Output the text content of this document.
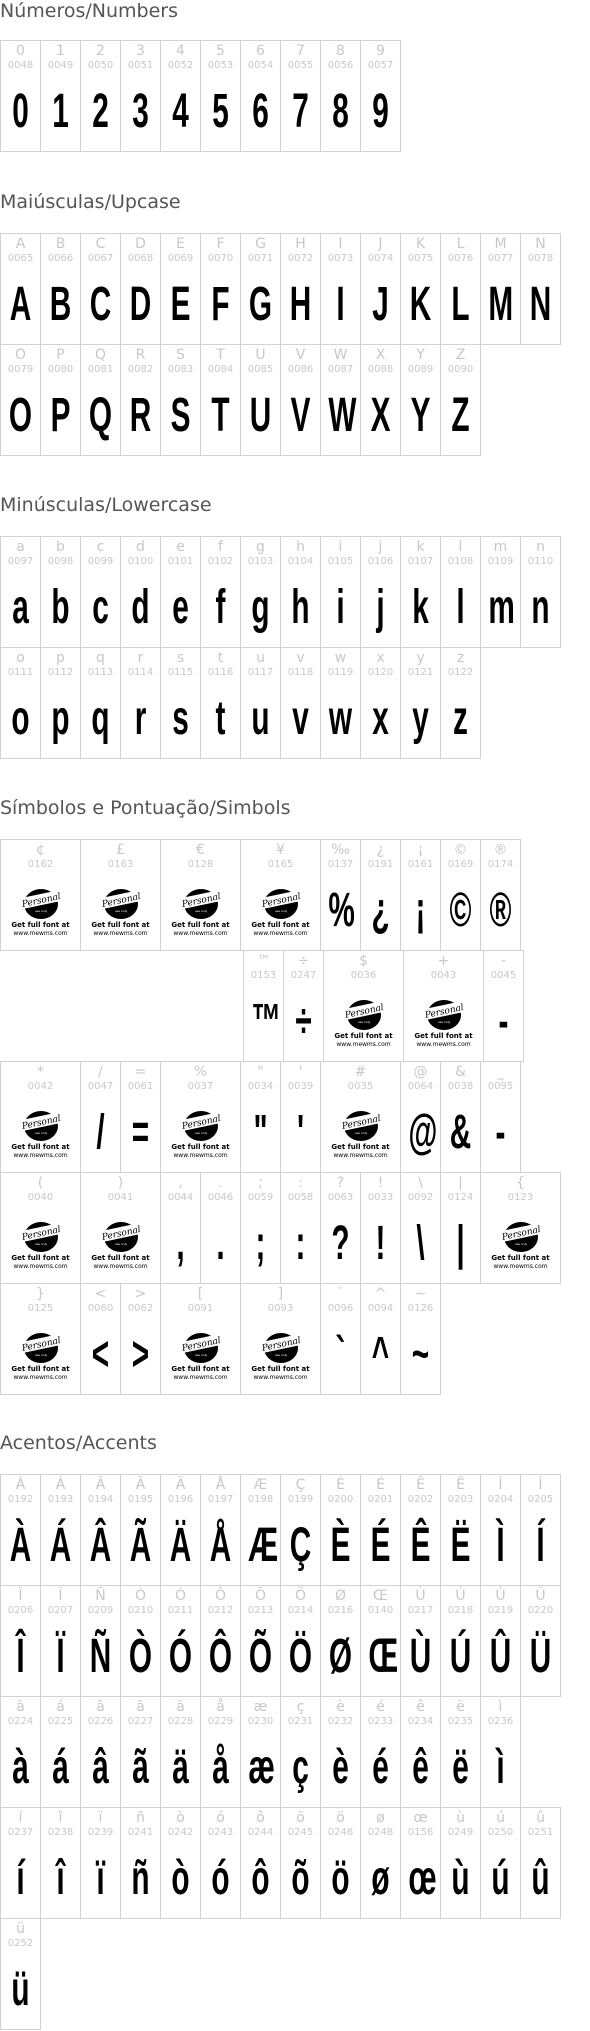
Números/Numbers
0
0048
0
1
0049
1
2
0050
2
3
0051
3
4
0052
4
5
0053
5
6
0054
6
7
0055
7
8
0056
8
9
0057
9
Maiúsculas/Upcase
A
0065
A
B
0066
B
C
0067
C
D
0068
D
E
0069
E
F
0070
F
G
0071
G
H
0072
H
I
0073
I
J
0074
J
K
0075
K
L
0076
L
M
0077
M
N
0078
N
O
0079
O
P
0080
P
Q
0081
Q
R
0082
R
S
0083
S
T
0084
T
U
0085
U
V
0086
V
W
0087
W
X
0088
X
Y
0089
Y
Z
0090
Z
Minúsculas/Lowercase
a
0097
a
b
0098
b
c
0099
c
d
0100
d
e
0101
e
f
0102
f
g
0103
g
h
0104
h
i
0105
i
j
0106
j
k
0107
k
l
0108
l
m
0109
m
n
0110
n
o
0111
o
p
0112
p
q
0113
q
r
0114
r
s
0115
s
t
0116
t
u
0117
u
v
0118
v
w
0119
w
x
0120
x
y
0121
y
z
0122
z
Símbolos e Pontuação/Simbols
¢
0162
Personal
use only
Get full font at
www.mewms.com
£
0163
Personal
use only
Get full font at
www.mewms.com
€
0128
Personal
use only
Get full font at
www.mewms.com
¥
0165
Personal
use only
Get full font at
www.mewms.com
‰
0137
%
¿
0191
¿
¡
0161
¡
©
0169
©
®
0174
®
™
0153
™
÷
0247
÷
$
0036
Personal
use only
Get full font at
www.mewms.com
+
0043
Personal
use only
Get full font at
www.mewms.com
-
0045
-
*
0042
Personal
use only
Get full font at
www.mewms.com
/
0047
/
=
0061
=
%
0037
Personal
use only
Get full font at
www.mewms.com
"
0034
"
'
0039
'
#
0035
Personal
use only
Get full font at
www.mewms.com
@
0064
@
&
0038
&
_
0095
-
(
0040
Personal
use only
Get full font at
www.mewms.com
)
0041
Personal
use only
Get full font at
www.mewms.com
,
0044
,
.
0046
.
;
0059
;
:
0058
:
?
0063
?
!
0033
!
\
0092
\
|
0124
|
{
0123
Personal
use only
Get full font at
www.mewms.com
}
0125
Personal
use only
Get full font at
www.mewms.com
<
0060
<
>
0062
>
[
0091
Personal
use only
Get full font at
www.mewms.com
]
0093
Personal
use only
Get full font at
www.mewms.com
`
0096
`
^
0094
^
~
0126
~
Acentos/Accents
À
0192
À
Á
0193
Á
Â
0194
Â
Ã
0195
Ã
Ä
0196
Ä
Å
0197
Å
Æ
0198
Æ
Ç
0199
Ç
È
0200
È
É
0201
É
Ê
0202
Ê
Ë
0203
Ë
Ì
0204
Ì
Í
0205
Í
Î
0206
Î
Ï
0207
Ï
Ñ
0209
Ñ
Ò
0210
Ò
Ó
0211
Ó
Ô
0212
Ô
Õ
0213
Õ
Ö
0214
Ö
Ø
0216
Ø
Œ
0140
Œ
Ù
0217
Ù
Ú
0218
Ú
Û
0219
Û
Ü
0220
Ü
à
0224
à
á
0225
á
â
0226
â
ã
0227
ã
ä
0228
ä
å
0229
å
æ
0230
æ
ç
0231
ç
è
0232
è
é
0233
é
ê
0234
ê
ë
0235
ë
ì
0236
ì
í
0237
í
î
0238
î
ï
0239
ï
ñ
0241
ñ
ò
0242
ò
ó
0243
ó
ô
0244
ô
õ
0245
õ
ö
0246
ö
ø
0248
ø
œ
0156
œ
ù
0249
ù
ú
0250
ú
û
0251
û
ü
0252
ü
